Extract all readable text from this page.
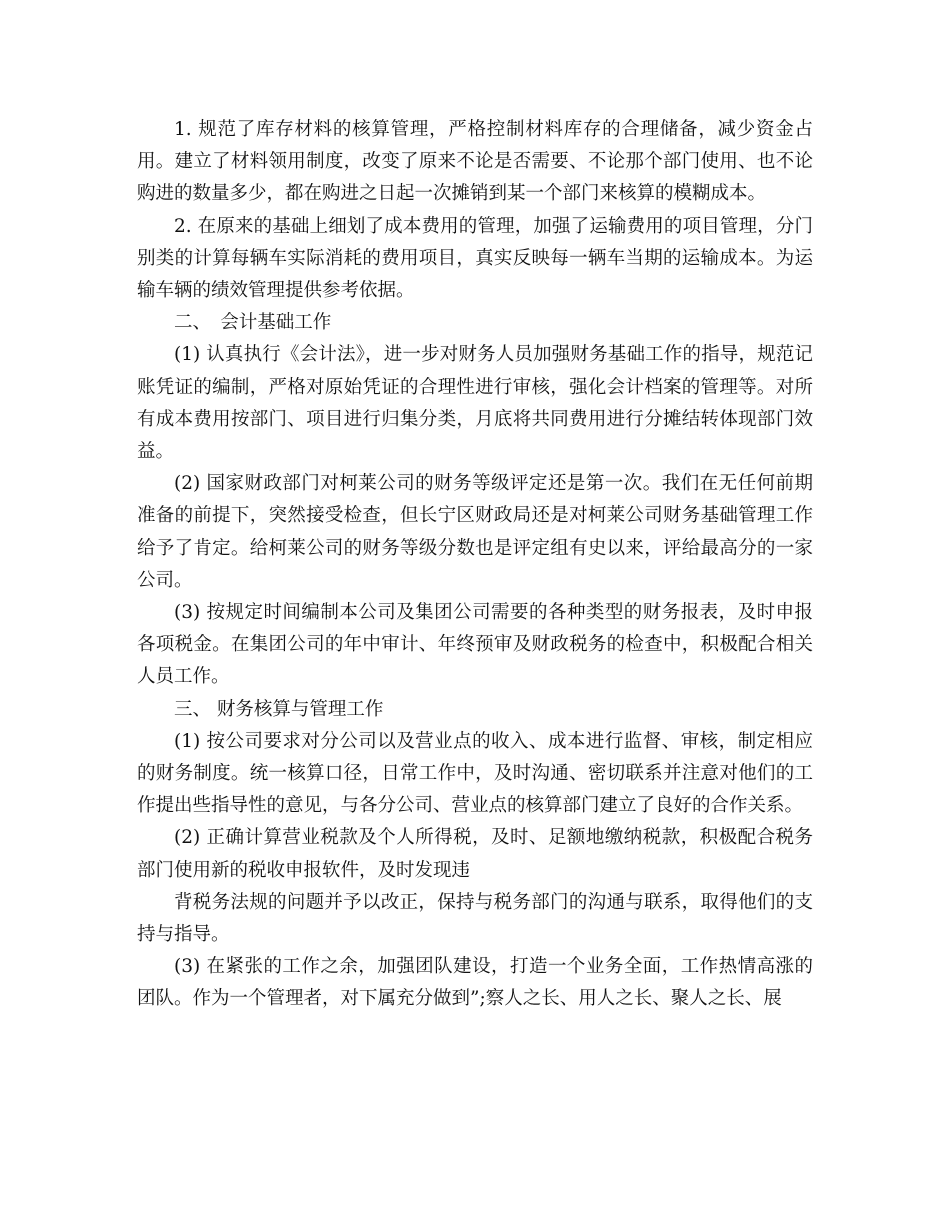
1. 规范了库存材料的核算管理，严格控制材料库存的合理储备，减少资金占用。建立了材料领用制度，改变了原来不论是否需要、不论那个部门使用、也不论购进的数量多少，都在购进之日起一次摊销到某一个部门来核算的模糊成本。

2. 在原来的基础上细划了成本费用的管理，加强了运输费用的项目管理，分门别类的计算每辆车实际消耗的费用项目，真实反映每一辆车当期的运输成本。为运输车辆的绩效管理提供参考依据。

二、　会计基础工作

(1) 认真执行《会计法》，进一步对财务人员加强财务基础工作的指导，规范记账凭证的编制，严格对原始凭证的合理性进行审核，强化会计档案的管理等。对所有成本费用按部门、项目进行归集分类，月底将共同费用进行分摊结转体现部门效益。

(2) 国家财政部门对柯莱公司的财务等级评定还是第一次。我们在无任何前期准备的前提下，突然接受检查，但长宁区财政局还是对柯莱公司财务基础管理工作给予了肯定。给柯莱公司的财务等级分数也是评定组有史以来，评给最高分的一家公司。

(3) 按规定时间编制本公司及集团公司需要的各种类型的财务报表，及时申报各项税金。在集团公司的年中审计、年终预审及财政税务的检查中，积极配合相关人员工作。

三、 财务核算与管理工作

(1) 按公司要求对分公司以及营业点的收入、成本进行监督、审核，制定相应的财务制度。统一核算口径，日常工作中，及时沟通、密切联系并注意对他们的工作提出些指导性的意见，与各分公司、营业点的核算部门建立了良好的合作关系。

(2) 正确计算营业税款及个人所得税，及时、足额地缴纳税款，积极配合税务部门使用新的税收申报软件，及时发现违

背税务法规的问题并予以改正，保持与税务部门的沟通与联系，取得他们的支持与指导。

(3) 在紧张的工作之余，加强团队建设，打造一个业务全面，工作热情高涨的团队。作为一个管理者，对下属充分做到”;察人之长、用人之长、聚人之长、展
